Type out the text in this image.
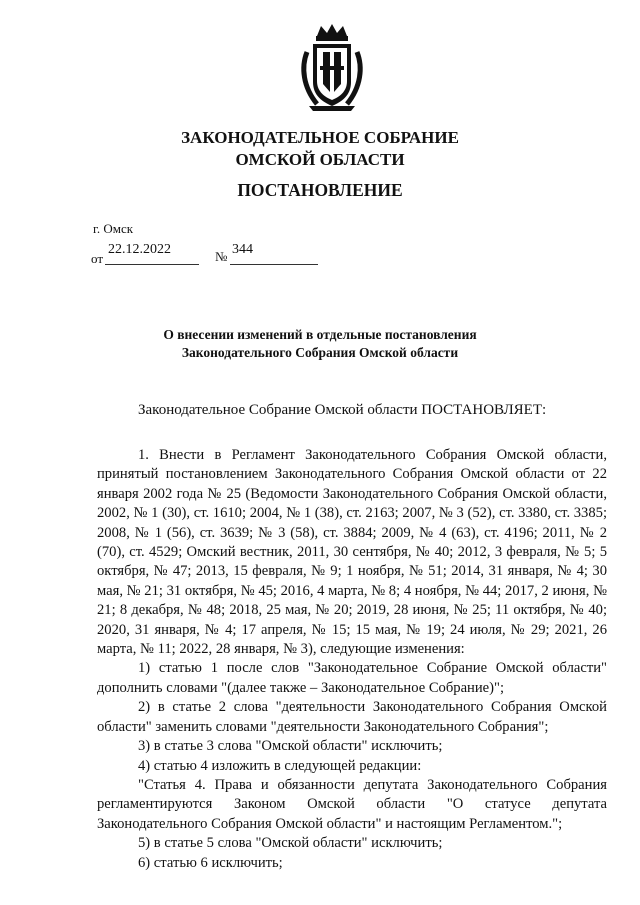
ЗАКОНОДАТЕЛЬНОЕ СОБРАНИЕ
ОМСКОЙ ОБЛАСТИ
ПОСТАНОВЛЕНИЕ
г. Омск
от
22.12.2022	№ 344
О внесении изменений в отдельные постановления
Законодательного Собрания Омской области
Законодательное Собрание Омской области ПОСТАНОВЛЯЕТ:

1. Внести в Регламент Законодательного Собрания Омской области, принятый постановлением Законодательного Собрания Омской области от 22 января 2002 года № 25 (Ведомости Законодательного Собрания Омской области, 2002, № 1 (30), ст. 1610; 2004, № 1 (38), ст. 2163; 2007, № 3 (52), ст. 3380, ст. 3385; 2008, № 1 (56), ст. 3639; № 3 (58), ст. 3884; 2009, № 4 (63), ст. 4196; 2011, № 2 (70), ст. 4529; Омский вестник, 2011, 30 сентября, № 40; 2012, 3 февраля, № 5; 5 октября, № 47; 2013, 15 февраля, № 9; 1 ноября, № 51; 2014, 31 января, № 4; 30 мая, № 21; 31 октября, № 45; 2016, 4 марта, № 8; 4 ноября, № 44; 2017, 2 июня, № 21; 8 декабря, № 48; 2018, 25 мая, № 20; 2019, 28 июня, № 25; 11 октября, № 40; 2020, 31 января, № 4; 17 апреля, № 15; 15 мая, № 19; 24 июля, № 29; 2021, 26 марта, № 11; 2022, 28 января, № 3), следующие изменения:

1) статью 1 после слов "Законодательное Собрание Омской области" дополнить словами "(далее также – Законодательное Собрание)";

2) в статье 2 слова "деятельности Законодательного Собрания Омской области" заменить словами "деятельности Законодательного Собрания";

3) в статье 3 слова "Омской области" исключить;

4) статью 4 изложить в следующей редакции:

"Статья 4. Права и обязанности депутата Законодательного Собрания регламентируются Законом Омской области "О статусе депутата Законодательного Собрания Омской области" и настоящим Регламентом.";

5) в статье 5 слова "Омской области" исключить;

6) статью 6 исключить;
